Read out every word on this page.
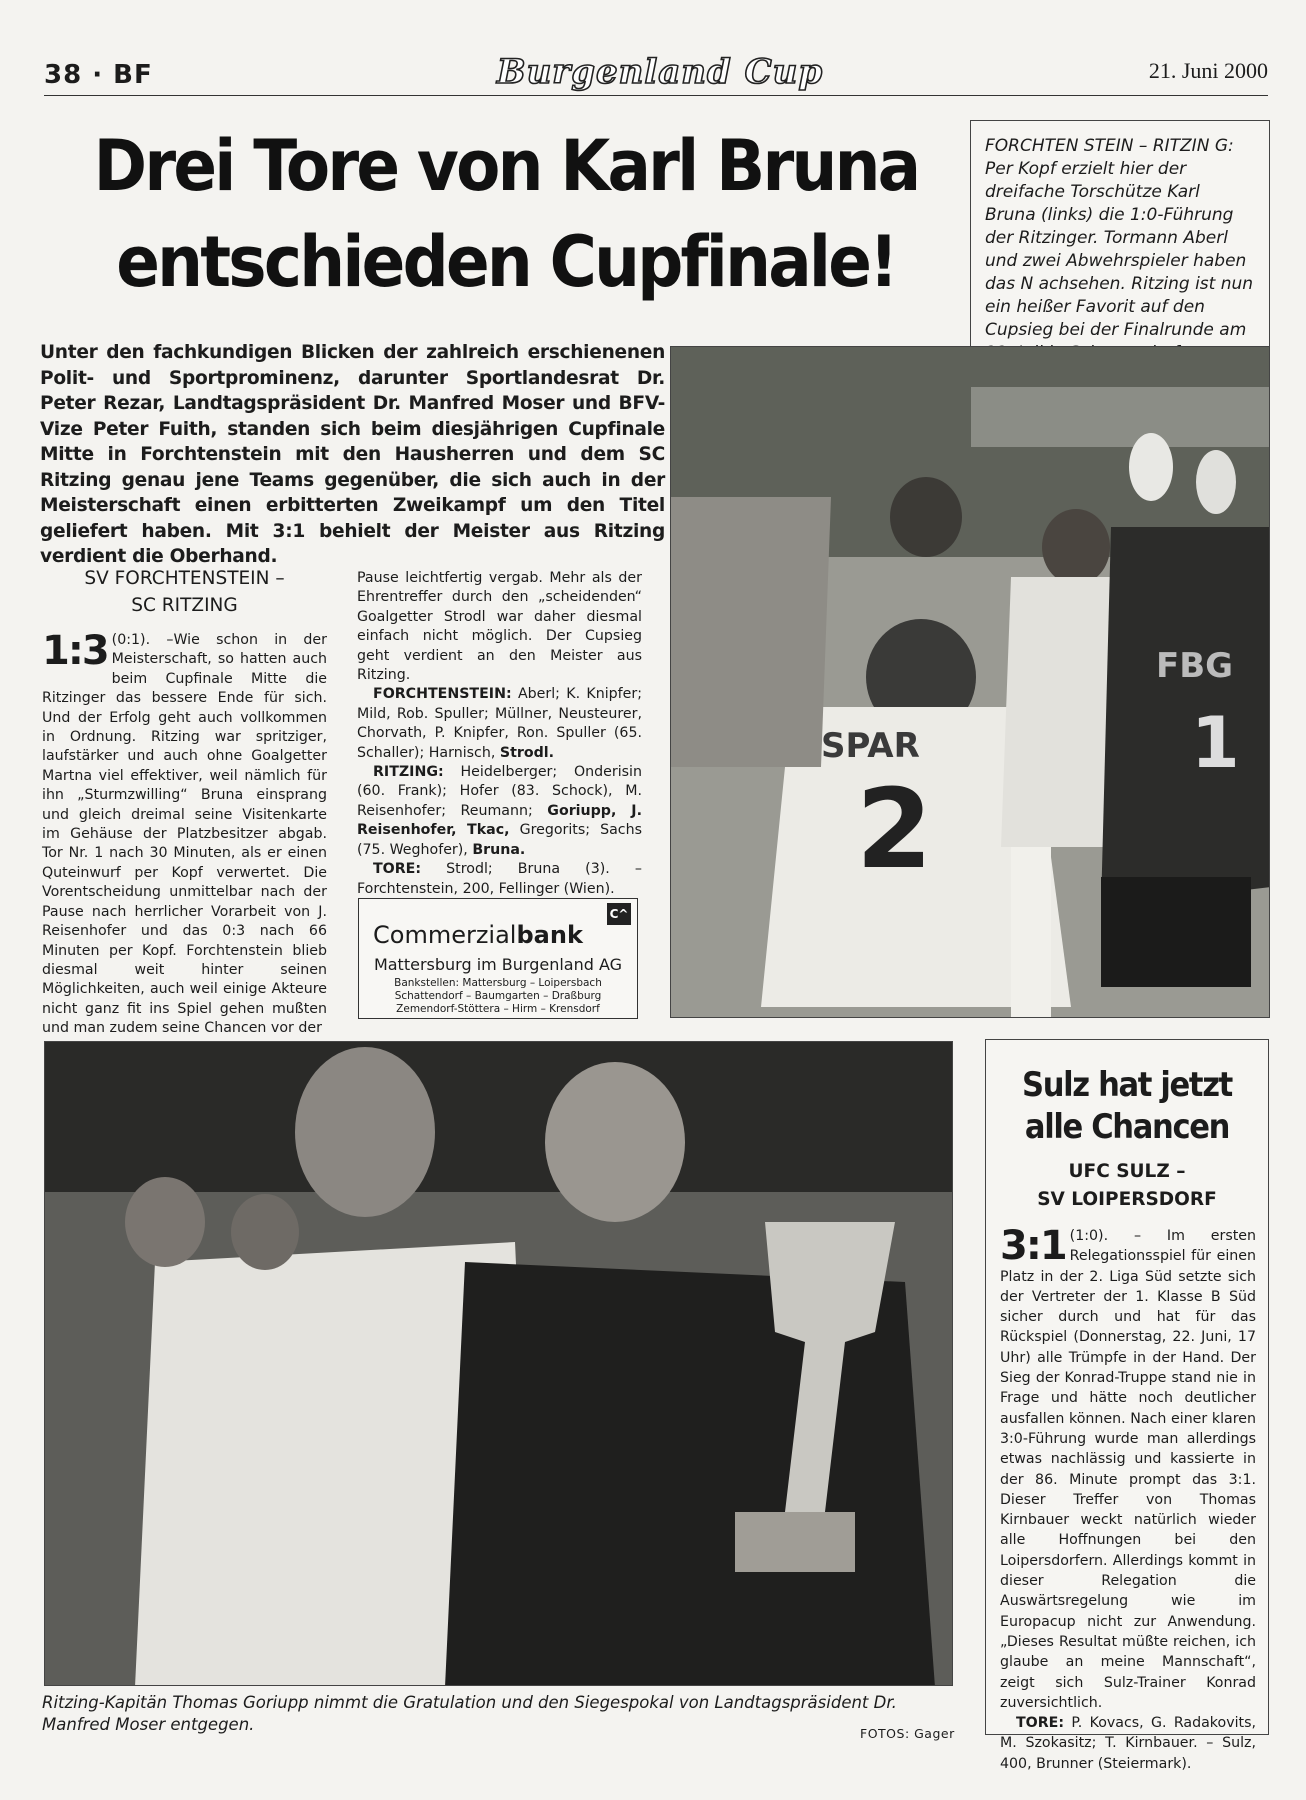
38 · BF	Burgenland Cup	21. Juni 2000
Drei Tore von Karl Bruna
entschieden Cupfinale!
FORCHTEN STEIN – RITZIN G: Per Kopf erzielt hier der dreifache Torschütze Karl Bruna (links) die 1:0-Führung der Ritzinger. Tormann Aberl und zwei Abwehrspieler haben das N achsehen. Ritzing ist nun ein heißer Favorit auf den Cupsieg bei der Finalrunde am
Unter den fachkundigen Blicken der zahlreich erschienenen Polit- und Sportprominenz, darunter Sportlandesrat Dr. Peter Rezar, Landtagspräsident Dr. Manfred Moser und BFV-Vize Peter Fuith, standen sich beim diesjährigen Cupfinale Mitte in Forchtenstein mit den Hausherren und dem SC Ritzing genau jene Teams gegenüber, die sich auch in der Meisterschaft einen erbitterten Zweikampf um den Titel geliefert haben. Mit 3:1 behielt der Meister aus Ritzing verdient die Oberhand.
SPAR
2
FBG
1
SV FORCHTENSTEIN –
SC RITZING
1:3 (0:1). –Wie schon in der Meisterschaft, so hatten auch beim Cupfinale Mitte die Ritzinger das bessere Ende für sich. Und der Erfolg geht auch vollkommen in Ordnung. Ritzing war spritziger, laufstärker und auch ohne Goalgetter Martna viel effektiver, weil nämlich für ihn „Sturmzwilling“ Bruna einsprang und gleich dreimal seine Visitenkarte im Gehäuse der Platzbesitzer abgab. Tor Nr. 1 nach 30 Minuten, als er einen Quteinwurf per Kopf verwertet. Die Vorentscheidung unmittelbar nach der Pause nach herrlicher Vorarbeit von J. Reisenhofer und das 0:3 nach 66 Minuten per Kopf. Forchtenstein blieb diesmal weit hinter seinen Möglichkeiten, auch weil einige Akteure nicht ganz fit ins Spiel gehen mußten und man zudem seine Chancen vor der
Pause leichtfertig vergab. Mehr als der Ehrentreffer durch den „scheidenden“ Goalgetter Strodl war daher diesmal einfach nicht möglich. Der Cupsieg geht verdient an den Meister aus Ritzing.
FORCHTENSTEIN: Aberl; K. Knipfer; Mild, Rob. Spuller; Müllner, Neusteurer, Chorvath, P. Knipfer, Ron. Spuller (65. Schaller); Harnisch, Strodl.
RITZING: Heidelberger; Onderisin (60. Frank); Hofer (83. Schock), M. Reisenhofer; Reumann; Goriupp, J. Reisenhofer, Tkac, Gregorits; Sachs (75. Weghofer), Bruna.
TORE: Strodl; Bruna (3). – Forchtenstein, 200, Fellinger (Wien).
Commerzialbank
C^
Mattersburg im Burgenland AG
Bankstellen: Mattersburg – Loipersbach
Schattendorf – Baumgarten – Draßburg
Zemendorf-Stöttera – Hirm – Krensdorf
Ritzing-Kapitän Thomas Goriupp nimmt die Gratulation und den Siegespokal von Landtagspräsident Dr. Manfred Moser entgegen.	FOTOS: Gager
Sulz hat jetzt
alle Chancen
UFC SULZ –
SV LOIPERSDORF
3:1 (1:0). – Im ersten Relegationsspiel für einen Platz in der 2. Liga Süd setzte sich der Vertreter der 1. Klasse B Süd sicher durch und hat für das Rückspiel (Donnerstag, 22. Juni, 17 Uhr) alle Trümpfe in der Hand. Der Sieg der Konrad-Truppe stand nie in Frage und hätte noch deutlicher ausfallen können. Nach einer klaren 3:0-Führung wurde man allerdings etwas nachlässig und kassierte in der 86. Minute prompt das 3:1. Dieser Treffer von Thomas Kirnbauer weckt natürlich wieder alle Hoffnungen bei den Loipersdorfern. Allerdings kommt in dieser Relegation die Auswärtsregelung wie im Europacup nicht zur Anwendung. „Dieses Resultat müßte reichen, ich glaube an meine Mannschaft“, zeigt sich Sulz-Trainer Konrad zuversichtlich.
TORE: P. Kovacs, G. Radakovits, M. Szokasitz; T. Kirnbauer. – Sulz, 400, Brunner (Steiermark).
